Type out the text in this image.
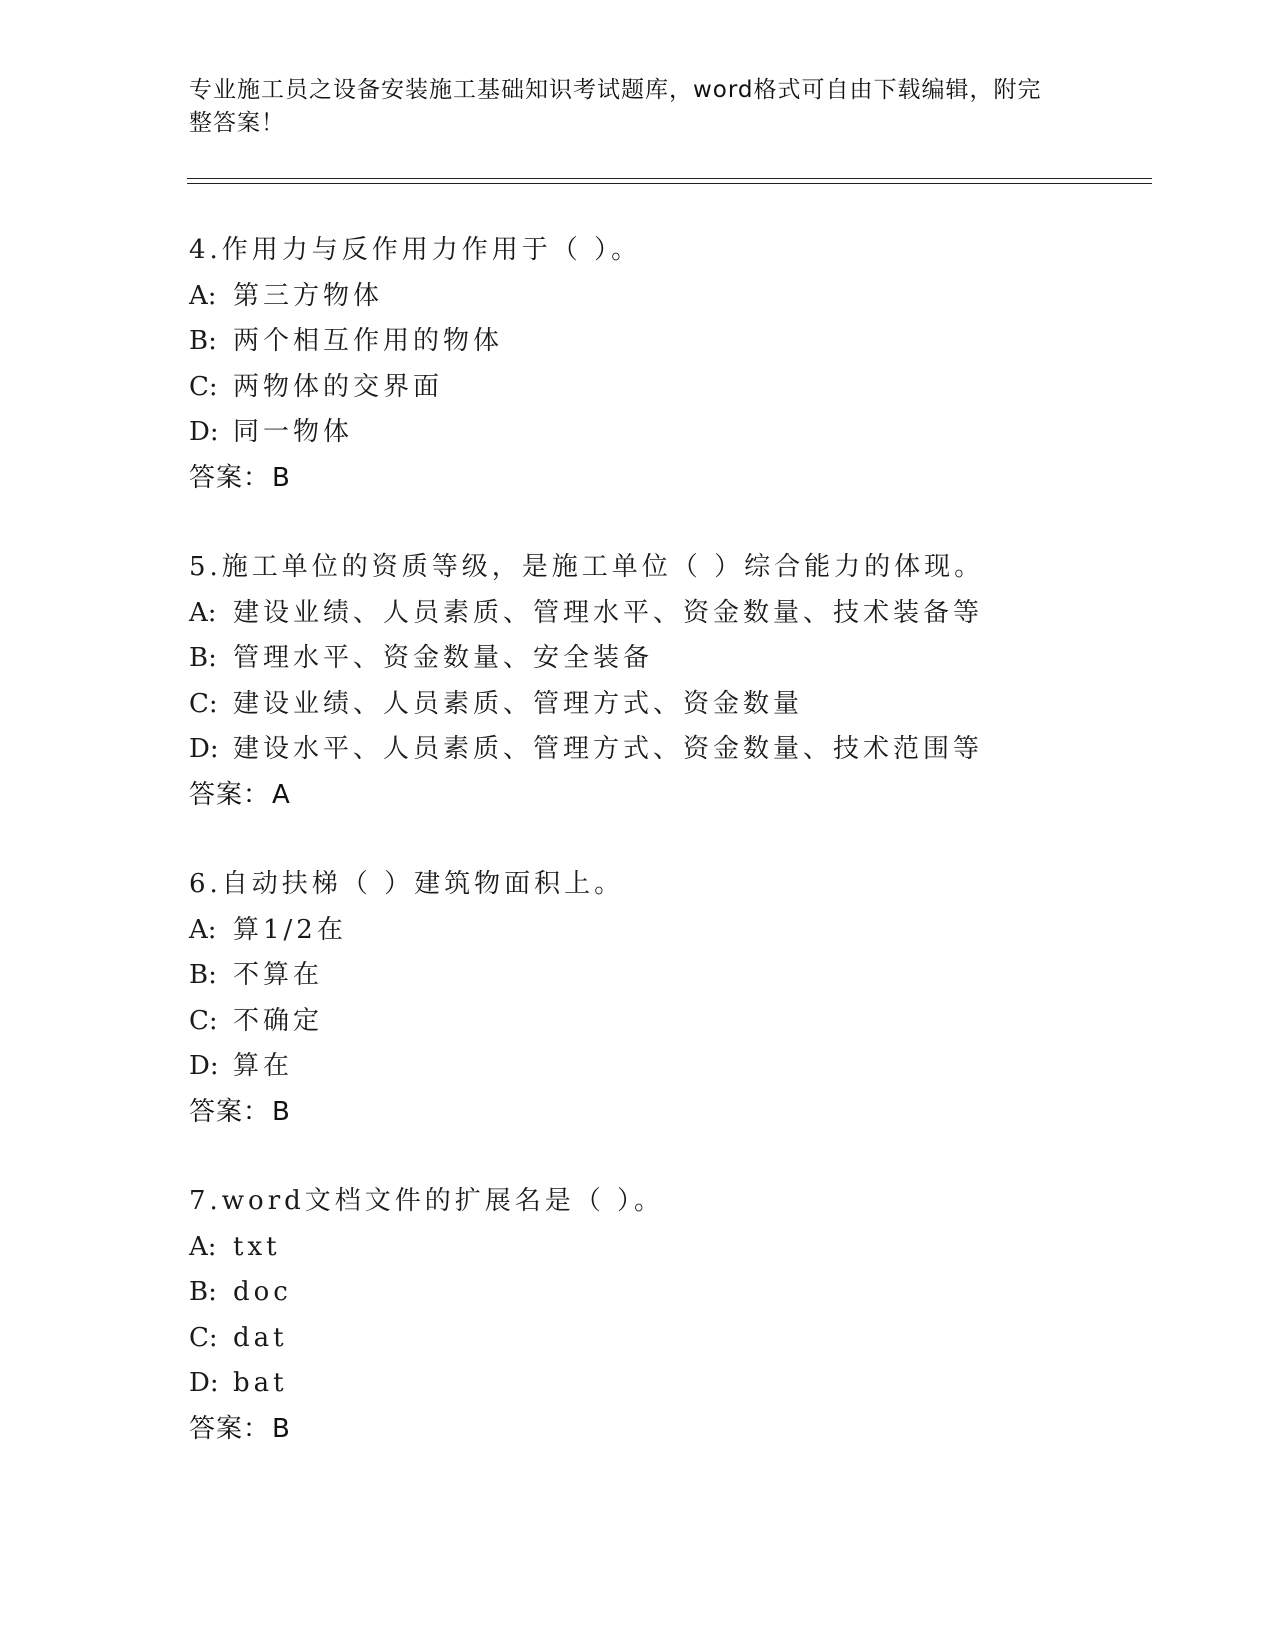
专业施工员之设备安装施工基础知识考试题库，word格式可自由下载编辑，附完
整答案！
4.作用力与反作用力作用于（ ）。
A: 第三方物体
B: 两个相互作用的物体
C: 两物体的交界面
D: 同一物体
答案：B
5.施工单位的资质等级，是施工单位（ ）综合能力的体现。
A: 建设业绩、人员素质、管理水平、资金数量、技术装备等
B: 管理水平、资金数量、安全装备
C: 建设业绩、人员素质、管理方式、资金数量
D: 建设水平、人员素质、管理方式、资金数量、技术范围等
答案：A
6.自动扶梯（ ）建筑物面积上。
A: 算1/2在
B: 不算在
C: 不确定
D: 算在
答案：B
7.word文档文件的扩展名是（ ）。
A: txt
B: doc
C: dat
D: bat
答案：B
